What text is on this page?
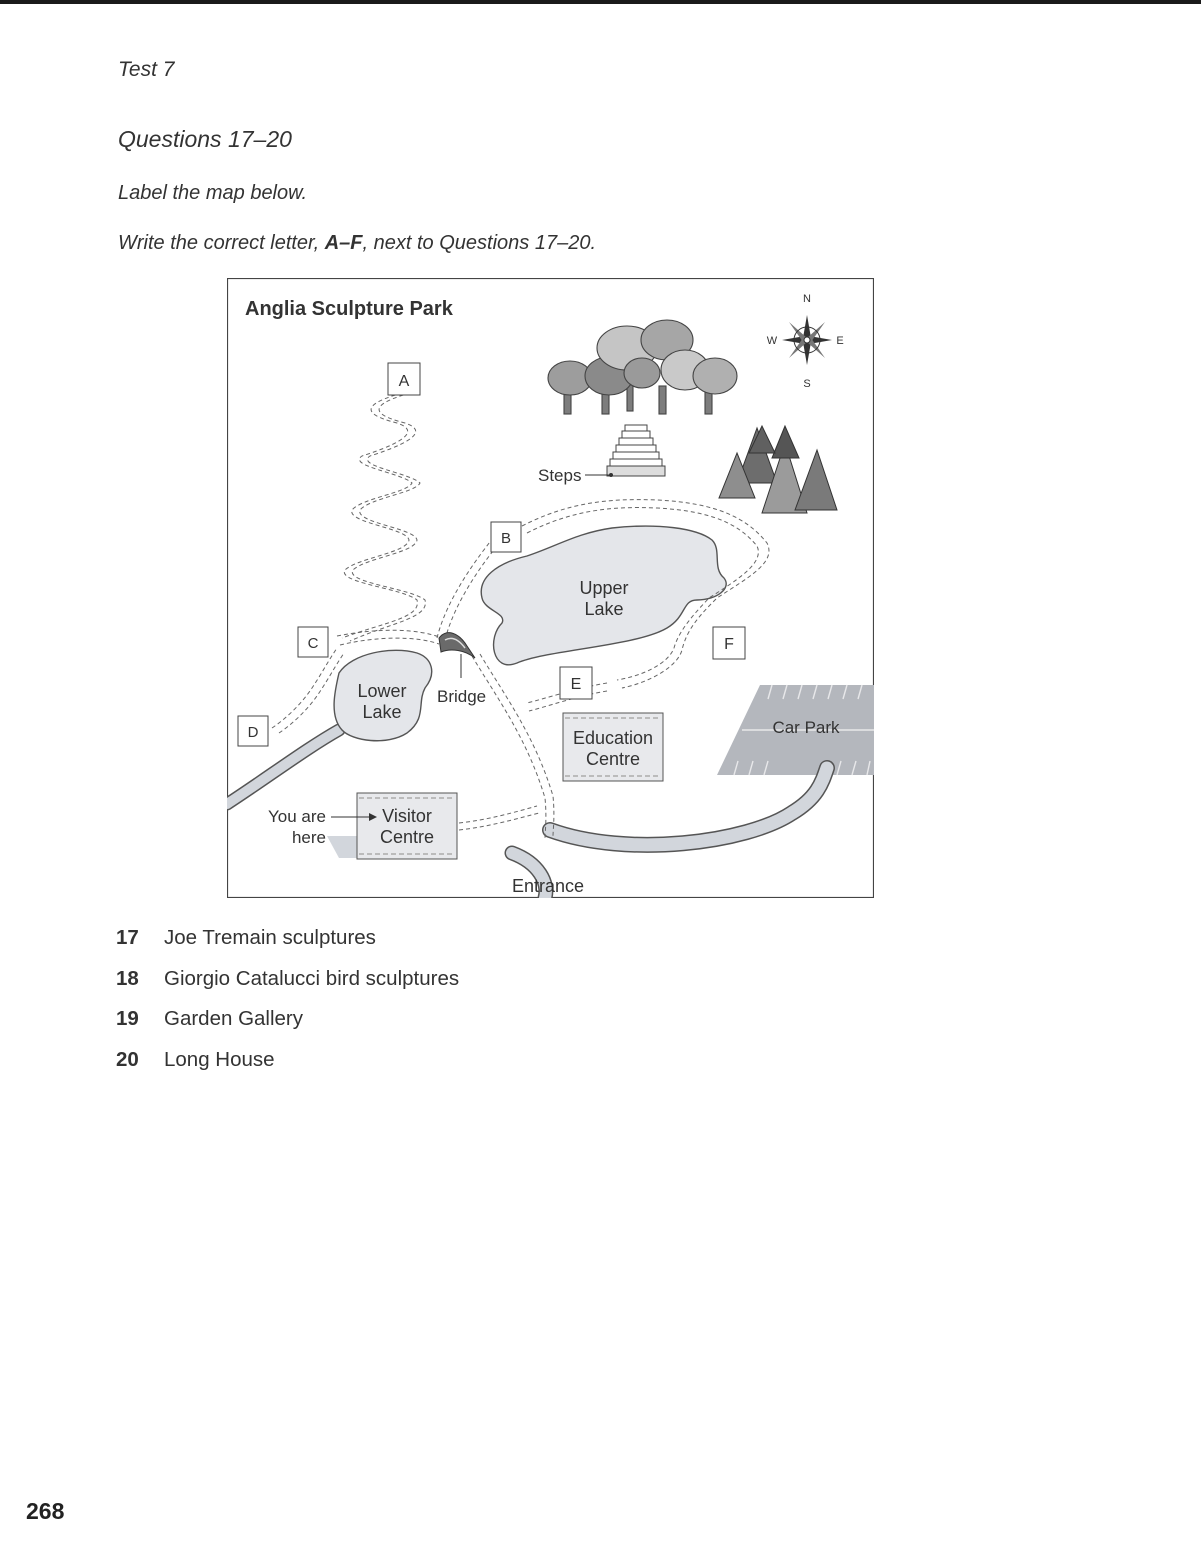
Test 7
Questions 17–20
Label the map below.
Write the correct letter, A–F, next to Questions 17–20.
N
S
W	E
A
B
C
D
E
F
Anglia Sculpture Park
Steps
Upper
Lake
Lower
Lake
Bridge
Education
Centre
Car Park
You are
here
Visitor
Centre
Entrance
17	Joe Tremain sculptures
18	Giorgio Catalucci bird sculptures
19	Garden Gallery
20	Long House
268
